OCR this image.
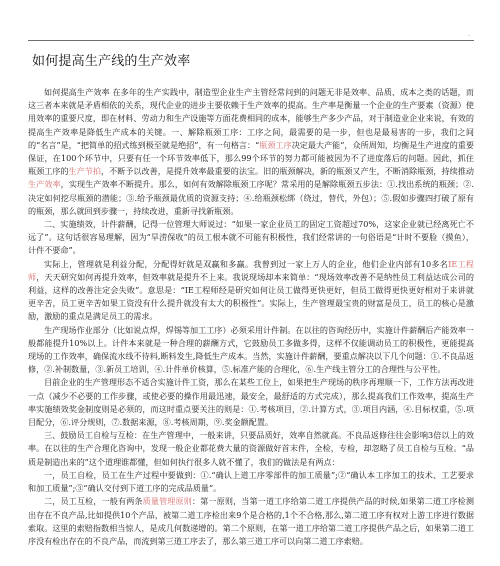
·
如何提高生产线的生产效率

如何提高生产效率 在多年的生产实践中，制造型企业生产主管经常问到的问题无非是效率、品质、成本之类的话题，而这三者本来就是矛盾相依的关系，现代企业的进步主要依赖于生产效率的提高。生产率是衡量一个企业的生产要素（资源）使用效率的重要尺度，即在材料、劳动力和生产设施等方面花费相同的成本，能够生产多少产品，对于制造业企业来说，有效的提高生产效率是降低生产成本的关键。一、解除瓶颈工序：工序之间，最需要的是一步，但也是最易害的一步，我们之间的“名言”是，“把简单的招式练到极至就是绝招”，有一句格言：“瓶颈工序决定最大产能”，众所周知，均衡是生产进度的重要保证，在100个环节中，只要有任一个环节效率低下，那么99个环节的努力都可能被因为不了进度落后的问题。因此，抓住瓶颈工序的生产节拍，不断予以改善，是提升效率最重要的法宝。旧的瓶颈解决，新的瓶颈又产生，不断消除瓶颈，持续推动生产效率，实现生产效率不断提升。那么，如何有效解除瓶颈工序呢？常采用的是解除瓶颈五步法：①.找出系统的瓶颈；②.决定如何挖尽瓶颈的潜能；③.给予瓶颈最优质的资源支持；④.给瓶颈松绑（绕过，替代，外包）；⑤.假如步骤四打破了原有的瓶颈，那么就回到步骤一，持续改进，重新寻找新瓶颈。

二、实施绩效，计件薪酬，记得一位管理大师说过：“如果一家企业员工的固定工资超过70%，这家企业就已经离死亡不远了”。这句话很容易理解，因为“旱涝保收”的员工根本就不可能有积极性，我们经常讲的一句俗语是“计时不要脸（摸鱼），计件不要命”。

实际上，管理就是利益分配，分配得好就是双赢和多赢。我曾到过一家上万人的企业，他们企业内部有10多名IE工程师，天天研究如何再提升效率，但效率就是提升不上来。我说现场却本来简单：“现场效率改善不是纳性员工利益达成公司的利益，这样的改善注定会失败”。意思是：“IE工程师经是研究如何让员工做得更快更好，但员工做得更快更好相对于来讲就更辛苦，员工更辛苦如果工资没有什么提升就没有太大的积极性”。实际上，生产管理最宝贵的财富是员工，员工的核心是激励，激励的重点是满足员工的需求。

生产现场作业部分（比如说点焊，焊锡等加工工序）必须采用计件制。在以往的咨询经历中，实施计件薪酬后产能效率一般都能提升10%以上。计件本来就是一种合理的薪酬方式，它鼓励员工多做多得，这样不仅能调动员工的积极性，更能提高现场的工作效率，确保流水线不待料,断料发生,降低生产成本。当然，实施计件薪酬，要重点解决以下几个问题：①.不良品返修，②.补制数量，③.新员工培训，④.计件单价核算，⑤.标准产能的合理化，⑥.生产线主管分工的合理性与公平性。

目前企业的生产管理形态不适合实施计件工资，那么在某些工位上，如果把生产现场的秩序再理顺一下，工作方法再改进一点（减少不必要的工作步骤，或使必要的操作用最迅速，最安全，最舒适的方式完成），那么提高我们工作效率，提高生产率实施绩效奖金制度则是必须的，而这时重点要关注的则是：①.考核项目，②.计算方式，③.项目内涵，④.目标权重，⑤.项目配分，⑥.评分规则，⑦.数据来源，⑧.考核周期，⑨.奖金额配置。

三、鼓励员工自检与互检：在生产管理中，一般来讲，只要品质好，效率自然就高。不良品返修往往会影响3倍以上的效率。在以往的生产合理化咨询中，发现一般企业都花费大量的资源做好首末件，全检，专检，却忽略了员工自检与互检。“品质是制造出来的”这个道理谁都懂，但如何执行很多人就不懂了，我们的做法是有两点：

一，员工自检，员工在生产过程中要做到：①.“确认上道工序零部件的加工质量”;②“确认本工序加工的技术、工艺要求和加工质量”;③“确认交付到下道工序的完成品质量”。

二，员工互检，一般有两条质量管理原则：第一原则，当第一道工序给第二道工序提供产品的时候,如果第二道工序检测出存在不良产品,比如提供10个产品，被第二道工序检出来9个是合格的,1个不合格,那么,第二道工序有权对上游工序进行数据索取。这里的索赔指数相当惊人，是成几何数递增的。第二个原则，在第一道工序给第二道工序提供产品之后，如果第二道工序没有检出存在的不良产品，而流到第三道工序去了，那么第三道工序可以向第二道工序索赔。
